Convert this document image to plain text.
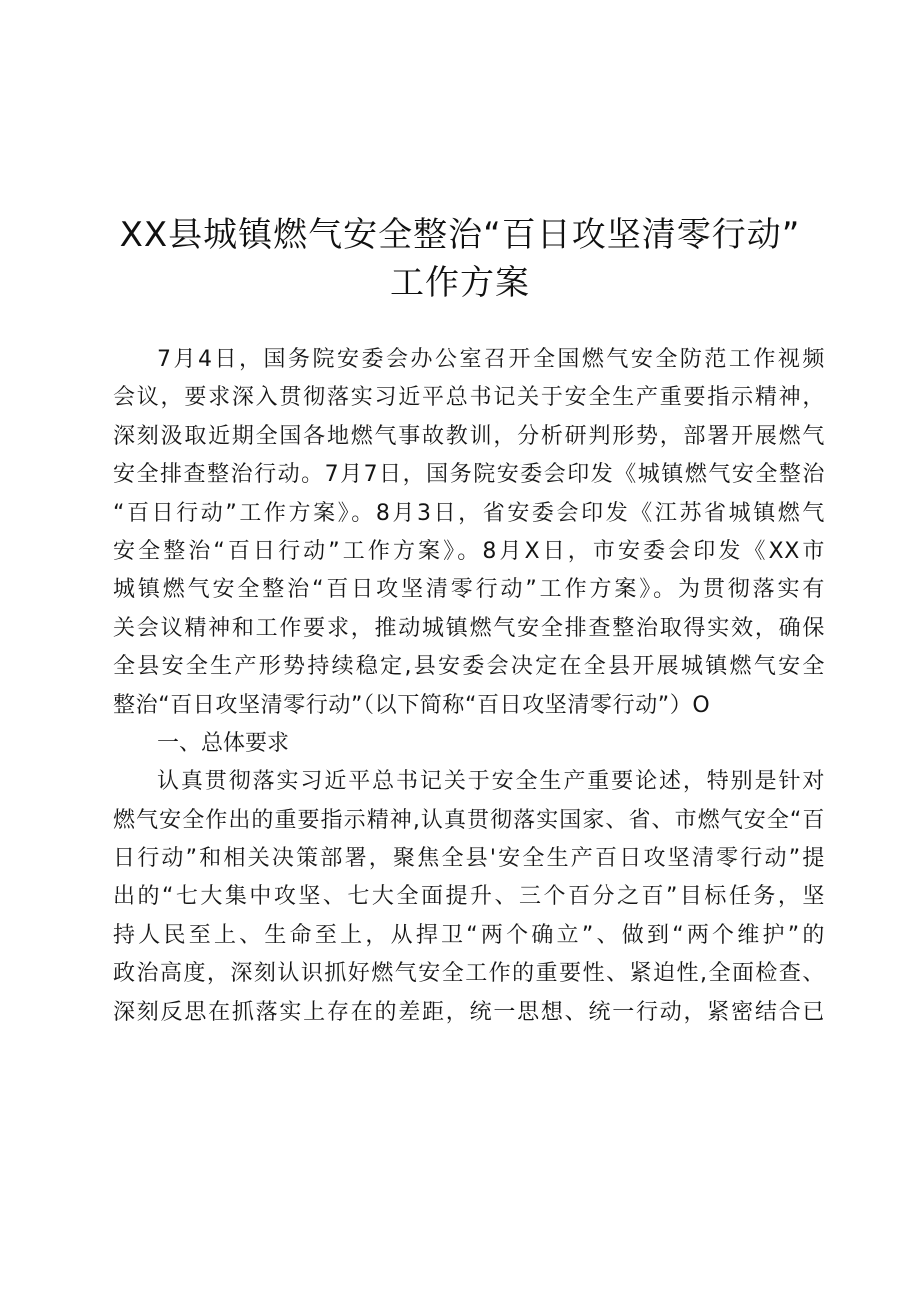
XX县城镇燃气安全整治“百日攻坚清零行动”
工作方案
7月4日，国务院安委会办公室召开全国燃气安全防范工作视频
会议，要求深入贯彻落实习近平总书记关于安全生产重要指示精神，
深刻汲取近期全国各地燃气事故教训，分析研判形势，部署开展燃气
安全排查整治行动。7月7日，国务院安委会印发《城镇燃气安全整治
“百日行动”工作方案》。8月3日，省安委会印发《江苏省城镇燃气
安全整治“百日行动”工作方案》。8月X日，市安委会印发《XX市
城镇燃气安全整治“百日攻坚清零行动”工作方案》。为贯彻落实有
关会议精神和工作要求，推动城镇燃气安全排查整治取得实效，确保
全县安全生产形势持续稳定,县安委会决定在全县开展城镇燃气安全
整治“百日攻坚清零行动”（以下简称“百日攻坚清零行动”）O
一、总体要求
认真贯彻落实习近平总书记关于安全生产重要论述，特别是针对
燃气安全作出的重要指示精神,认真贯彻落实国家、省、市燃气安全“百
日行动”和相关决策部署，聚焦全县'安全生产百日攻坚清零行动”提
出的“七大集中攻坚、七大全面提升、三个百分之百”目标任务，坚
持人民至上、生命至上，从捍卫“两个确立”、做到“两个维护”的
政治高度，深刻认识抓好燃气安全工作的重要性、紧迫性,全面检查、
深刻反思在抓落实上存在的差距，统一思想、统一行动，紧密结合已
